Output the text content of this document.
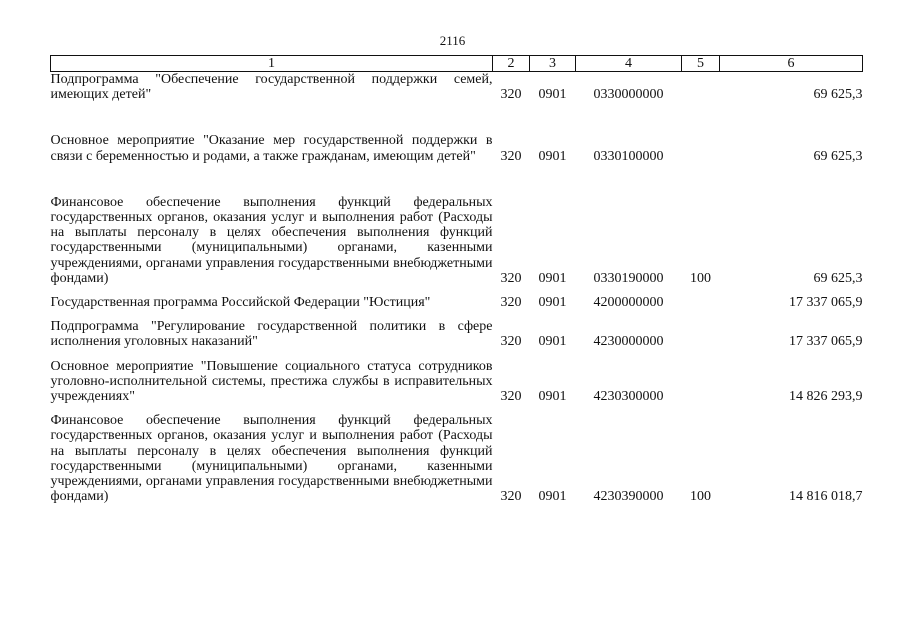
2116
1	2	3	4	5	6
Подпрограмма "Обеспечение государственной поддержки семей, имеющих детей"	320	0901	0330000000		69 625,3

Основное мероприятие "Оказание мер государственной поддержки в связи с беременностью и родами, а также гражданам, имеющим детей"	320	0901	0330100000		69 625,3

Финансовое обеспечение выполнения функций федеральных государственных органов, оказания услуг и выполнения работ (Расходы на выплаты персоналу в целях обеспечения выполнения функций государственными (муниципальными) органами, казенными учреждениями, органами управления государственными внебюджетными фондами)	320	0901	0330190000	100	69 625,3

Государственная программа Российской Федерации "Юстиция"	320	0901	4200000000		17 337 065,9

Подпрограмма "Регулирование государственной политики в сфере исполнения уголовных наказаний"	320	0901	4230000000		17 337 065,9

Основное мероприятие "Повышение социального статуса сотрудников уголовно-исполнительной системы, престижа службы в исправительных учреждениях"	320	0901	4230300000		14 826 293,9

Финансовое обеспечение выполнения функций федеральных государственных органов, оказания услуг и выполнения работ (Расходы на выплаты персоналу в целях обеспечения выполнения функций государственными (муниципальными) органами, казенными учреждениями, органами управления государственными внебюджетными фондами)	320	0901	4230390000	100	14 816 018,7
